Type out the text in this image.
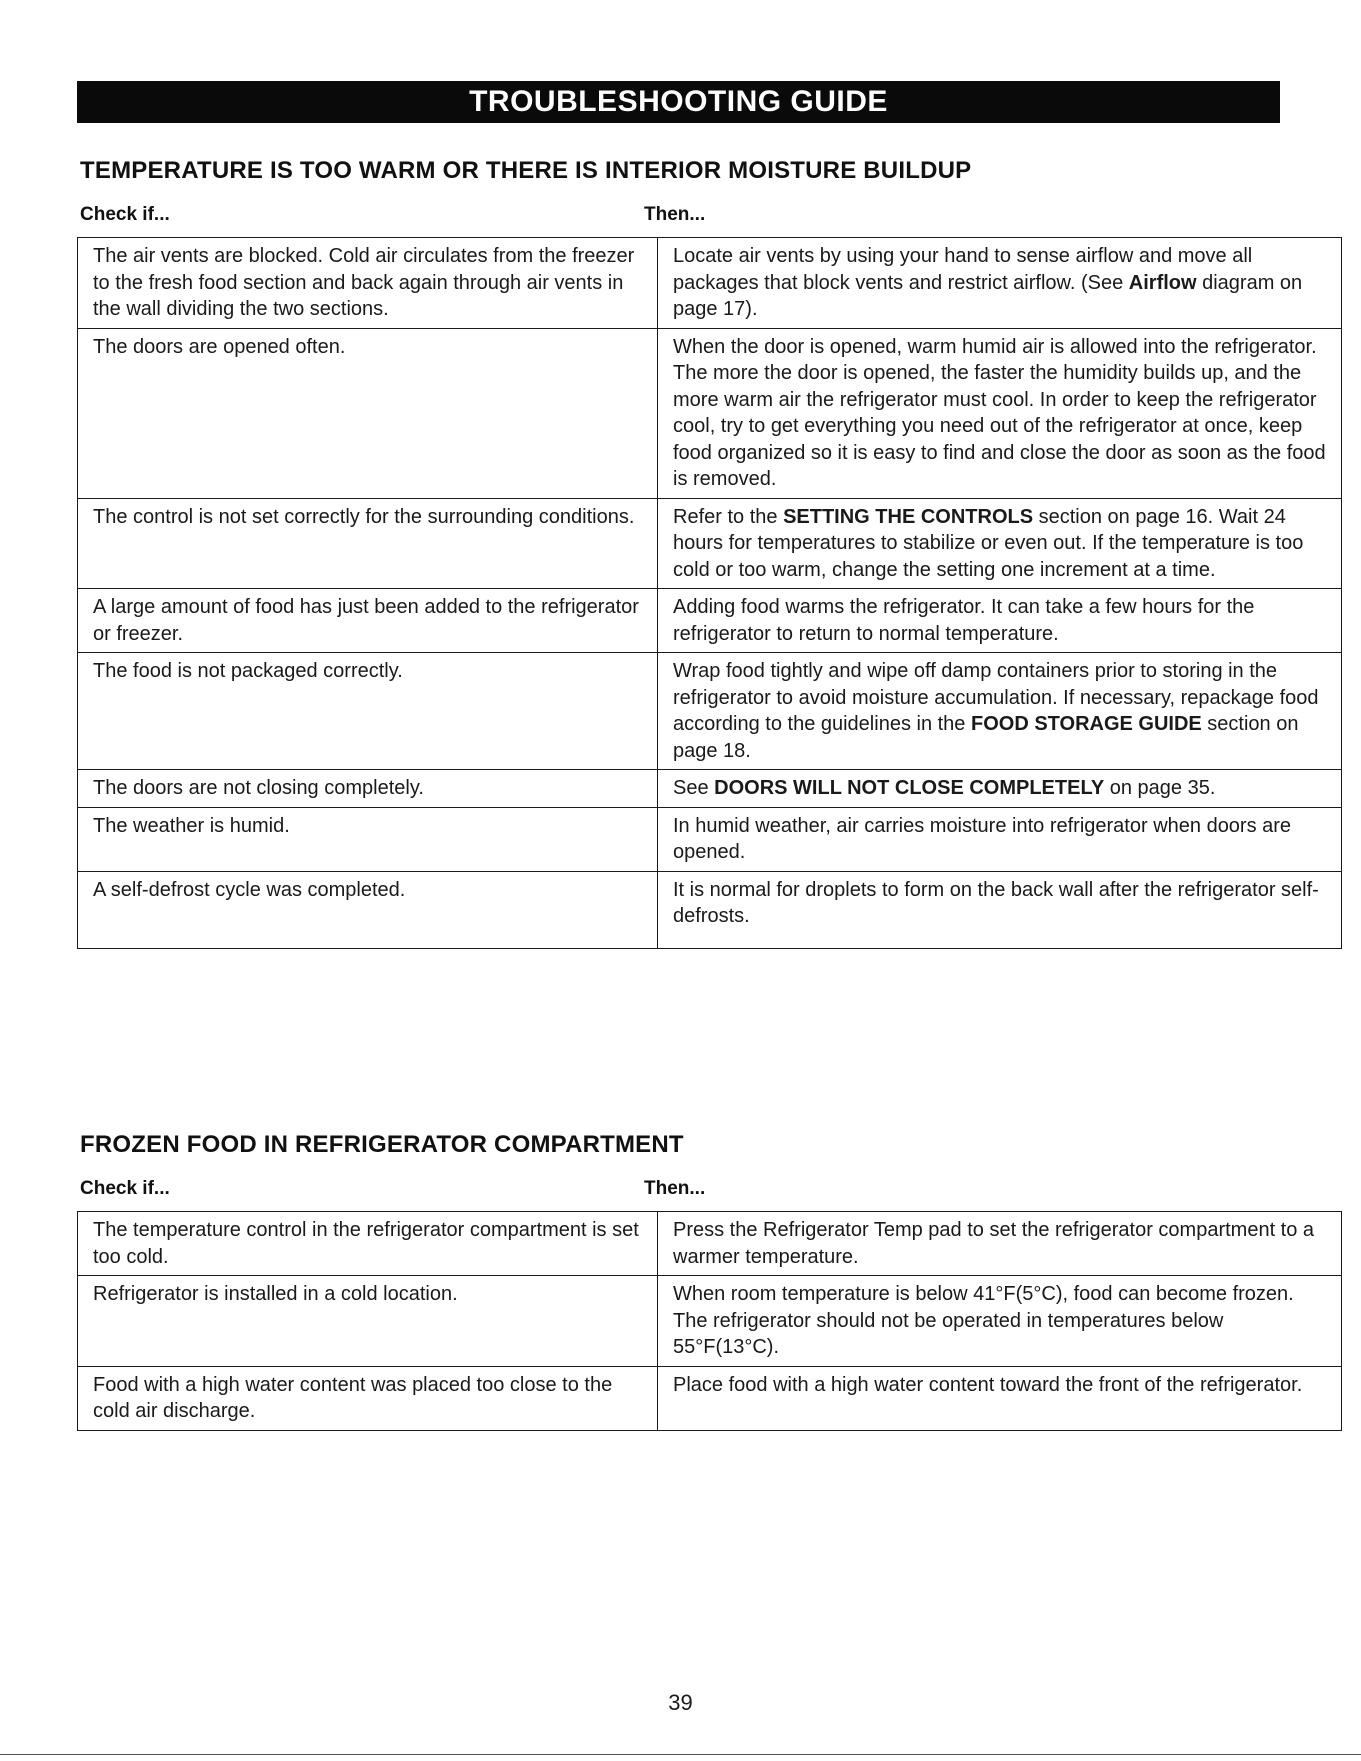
TROUBLESHOOTING GUIDE
TEMPERATURE IS TOO WARM OR THERE IS INTERIOR MOISTURE BUILDUP
Check if...	Then...
The air vents are blocked. Cold air circulates from the freezer to the fresh food section and back again through air vents in the wall dividing the two sections.	Locate air vents by using your hand to sense airflow and move all packages that block vents and restrict airflow. (See Airflow diagram on page 17).
The doors are opened often.	When the door is opened, warm humid air is allowed into the refrigerator. The more the door is opened, the faster the humidity builds up, and the more warm air the refrigerator must cool. In order to keep the refrigerator cool, try to get everything you need out of the refrigerator at once, keep food organized so it is easy to find and close the door as soon as the food is removed.
The control is not set correctly for the surrounding conditions.	Refer to the SETTING THE CONTROLS section on page 16. Wait 24 hours for temperatures to stabilize or even out. If the temperature is too cold or too warm, change the setting one increment at a time.
A large amount of food has just been added to the refrigerator or freezer.	Adding food warms the refrigerator. It can take a few hours for the refrigerator to return to normal temperature.
The food is not packaged correctly.	Wrap food tightly and wipe off damp containers prior to storing in the refrigerator to avoid moisture accumulation. If necessary, repackage food according to the guidelines in the FOOD STORAGE GUIDE section on page 18.
The doors are not closing completely.	See DOORS WILL NOT CLOSE COMPLETELY on page 35.
The weather is humid.	In humid weather, air carries moisture into refrigerator when doors are opened.
A self-defrost cycle was completed.	It is normal for droplets to form on the back wall after the refrigerator self-defrosts.
FROZEN FOOD IN REFRIGERATOR COMPARTMENT
Check if...	Then...
The temperature control in the refrigerator compartment is set too cold.	Press the Refrigerator Temp pad to set the refrigerator compartment to a warmer temperature.
Refrigerator is installed in a cold location.	When room temperature is below 41°F(5°C), food can become frozen. The refrigerator should not be operated in temperatures below 55°F(13°C).
Food with a high water content was placed too close to the cold air discharge.	Place food with a high water content toward the front of the refrigerator.
39
